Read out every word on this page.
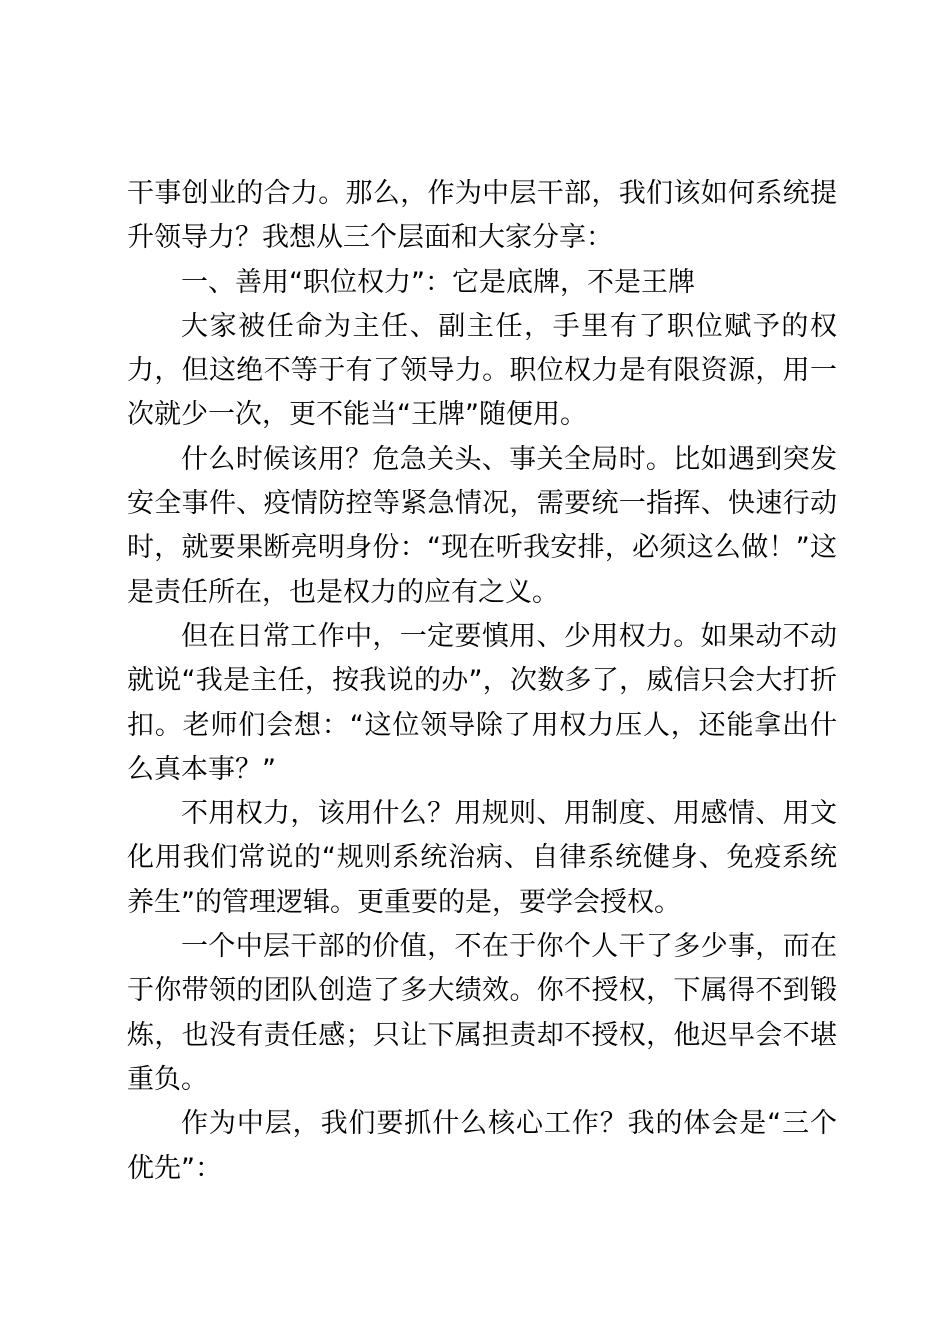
干事创业的合力。那么，作为中层干部，我们该如何系统提升领导力？我想从三个层面和大家分享：

一、善用“职位权力”：它是底牌，不是王牌

大家被任命为主任、副主任，手里有了职位赋予的权力，但这绝不等于有了领导力。职位权力是有限资源，用一次就少一次，更不能当“王牌”随便用。

什么时候该用？危急关头、事关全局时。比如遇到突发安全事件、疫情防控等紧急情况，需要统一指挥、快速行动时，就要果断亮明身份：“现在听我安排，必须这么做！”这是责任所在，也是权力的应有之义。

但在日常工作中，一定要慎用、少用权力。如果动不动就说“我是主任，按我说的办”，次数多了，威信只会大打折扣。老师们会想：“这位领导除了用权力压人，还能拿出什么真本事？”

不用权力，该用什么？用规则、用制度、用感情、用文化用我们常说的“规则系统治病、自律系统健身、免疫系统养生”的管理逻辑。更重要的是，要学会授权。

一个中层干部的价值，不在于你个人干了多少事，而在于你带领的团队创造了多大绩效。你不授权，下属得不到锻炼，也没有责任感；只让下属担责却不授权，他迟早会不堪重负。

作为中层，我们要抓什么核心工作？我的体会是“三个优先”：
